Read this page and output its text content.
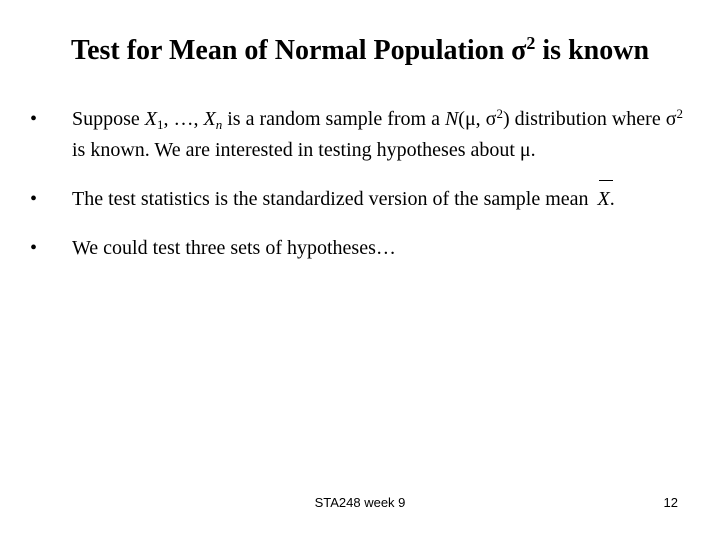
Test for Mean of Normal Population $\sigma^2$ is known
• Suppose $X_1$, …, $X_n$ is a random sample from a N(μ, $\sigma^2$) distribution where $\sigma^2$ is known. We are interested in testing hypotheses about μ.
• The test statistics is the standardized version of the sample mean X.
• We could test three sets of hypotheses…
STA248 week 9	12
